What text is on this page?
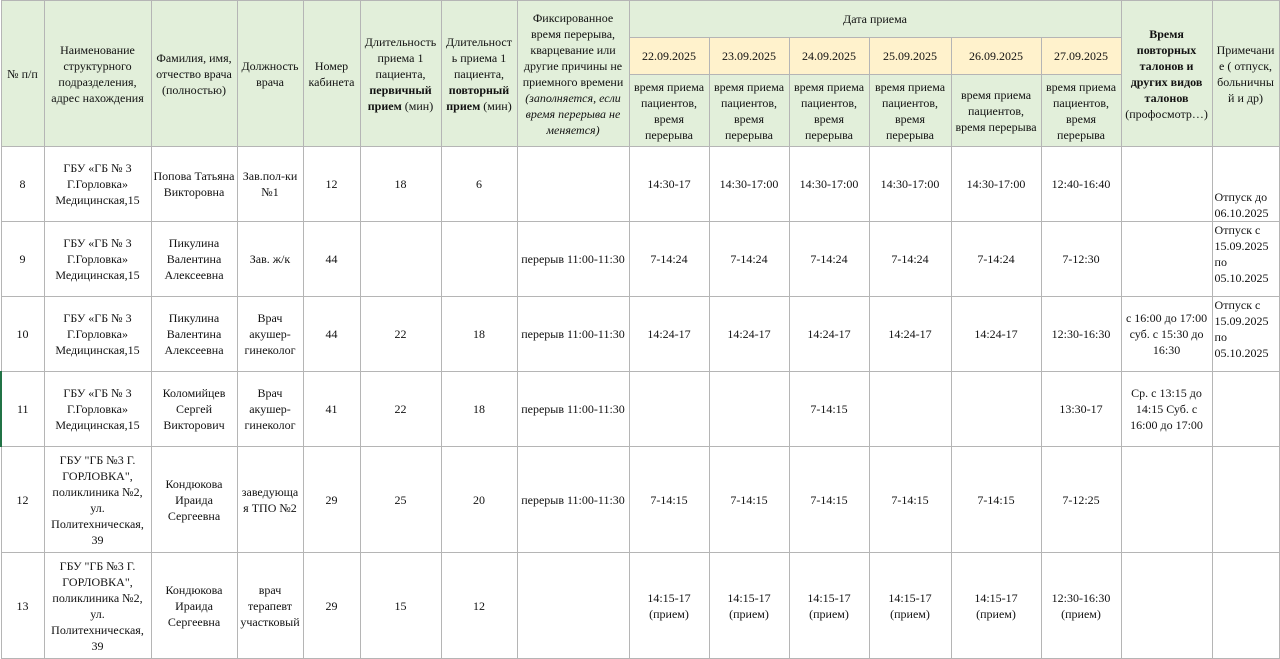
№ п/п	Наименование структурного подразделения, адрес нахождения	Фамилия, имя, отчество врача (полностью)	Должность врача	Номер кабинета	Длительность приема 1 пациента, первичный прием (мин)	Длительност ь приема 1 пациента, повторный прием (мин)	Фиксированное время перерыва, кварцевание или другие причины не приемного времени (заполняется, если время перерыва не меняется)	Дата приема						Время повторных талонов и других видов талонов (профосмотр…)	Примечание ( отпуск, больничный и др)
								22.09.2025	23.09.2025	24.09.2025	25.09.2025	26.09.2025	27.09.2025		
								время приема пациентов, время перерыва	время приема пациентов, время перерыва	время приема пациентов, время перерыва	время приема пациентов, время перерыва	время приема пациентов, время перерыва	время приема пациентов, время перерыва		
8	ГБУ «ГБ № 3 Г.Горловка» Медицинская,15	Попова Татьяна Викторовна	Зав.пол-ки №1	12	18	6		14:30-17	14:30-17:00	14:30-17:00	14:30-17:00	14:30-17:00	12:40-16:40		Отпуск до 06.10.2025
9	ГБУ «ГБ № 3 Г.Горловка» Медицинская,15	Пикулина Валентина Алексеевна	Зав. ж/к	44			перерыв 11:00-11:30	7-14:24	7-14:24	7-14:24	7-14:24	7-14:24	7-12:30		Отпуск с 15.09.2025 по 05.10.2025
10	ГБУ «ГБ № 3 Г.Горловка» Медицинская,15	Пикулина Валентина Алексеевна	Врач акушер-гинеколог	44	22	18	перерыв 11:00-11:30	14:24-17	14:24-17	14:24-17	14:24-17	14:24-17	12:30-16:30	с 16:00 до 17:00 суб. с 15:30 до 16:30	Отпуск с 15.09.2025 по 05.10.2025
11	ГБУ «ГБ № 3 Г.Горловка» Медицинская,15	Коломийцев Сергей Викторович	Врач акушер-гинеколог	41	22	18	перерыв 11:00-11:30			7-14:15			13:30-17	Ср. с 13:15 до 14:15 Суб. с 16:00 до 17:00	
12	ГБУ "ГБ №3 Г. ГОРЛОВКА", поликлиника №2, ул. Политехническая, 39	Кондюкова Ираида Сергеевна	заведующая ТПО №2	29	25	20	перерыв 11:00-11:30	7-14:15	7-14:15	7-14:15	7-14:15	7-14:15	7-12:25		
13	ГБУ "ГБ №3 Г. ГОРЛОВКА", поликлиника №2, ул. Политехническая, 39	Кондюкова Ираида Сергеевна	врач терапевт участковый	29	15	12		14:15-17 (прием)	14:15-17 (прием)	14:15-17 (прием)	14:15-17 (прием)	14:15-17 (прием)	12:30-16:30 (прием)		
